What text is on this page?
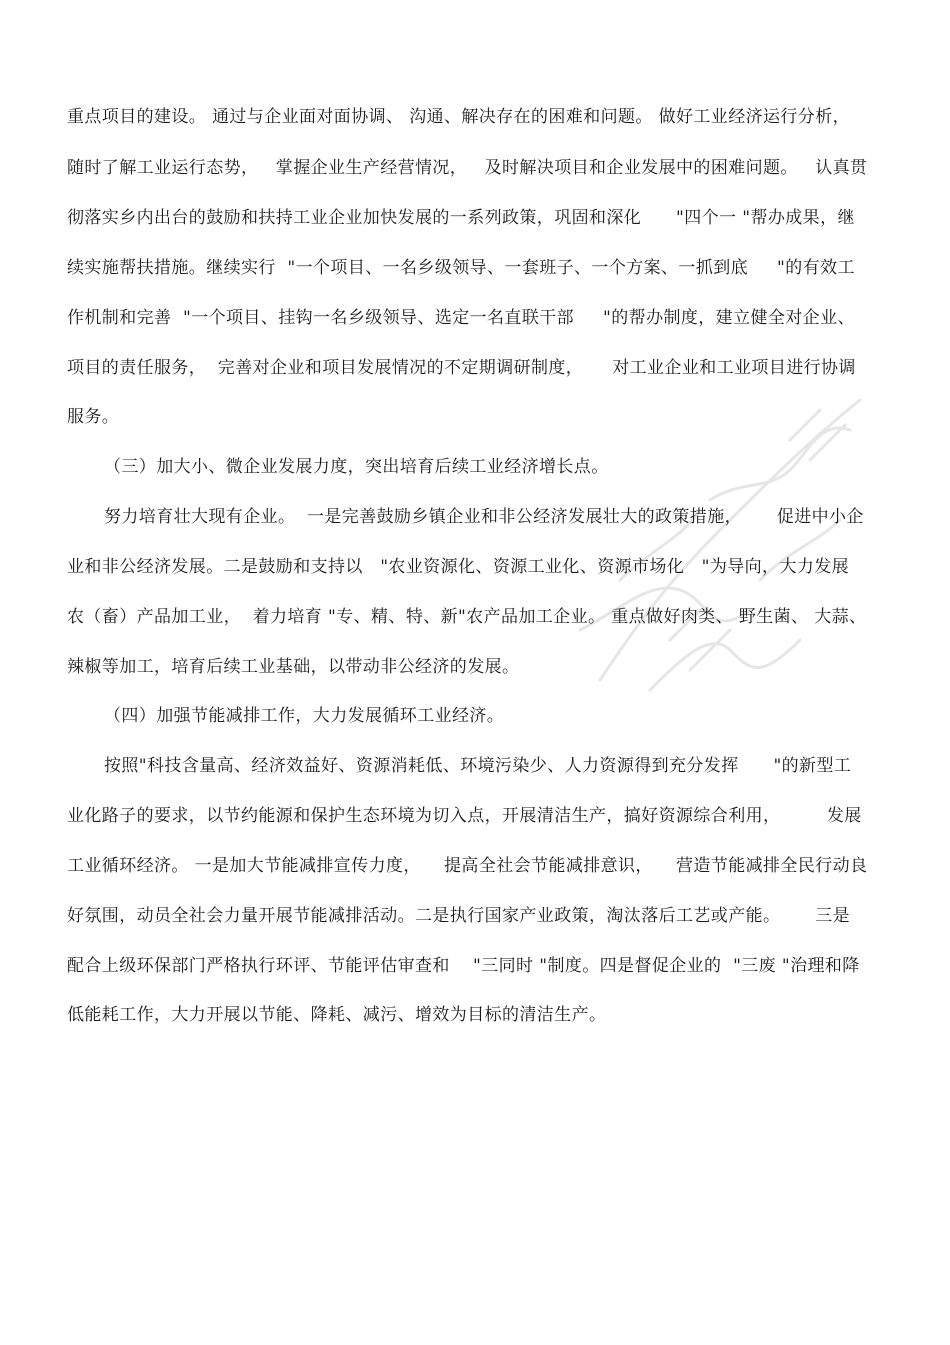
重点项目的建设。 通过与企业面对面协调、 沟通、解决存在的困难和问题。 做好工业经济运行分析，
随时了解工业运行态势，   掌握企业生产经营情况，   及时解决项目和企业发展中的困难问题。   认真贯
彻落实乡内出台的鼓励和扶持工业企业加快发展的一系列政策，巩固和深化      "四个一 "帮办成果，继
续实施帮扶措施。继续实行  "一个项目、一名乡级领导、一套班子、一个方案、一抓到底     "的有效工
作机制和完善  "一个项目、挂钩一名乡级领导、选定一名直联干部     "的帮办制度，建立健全对企业、
项目的责任服务，  完善对企业和项目发展情况的不定期调研制度，     对工业企业和工业项目进行协调
服务。
（三）加大小、微企业发展力度，突出培育后续工业经济增长点。
努力培育壮大现有企业。  一是完善鼓励乡镇企业和非公经济发展壮大的政策措施，      促进中小企
业和非公经济发展。二是鼓励和支持以   "农业资源化、资源工业化、资源市场化   "为导向，大力发展
农（畜）产品加工业，  着力培育 "专、精、特、新"农产品加工企业。 重点做好肉类、 野生菌、 大蒜、
辣椒等加工，培育后续工业基础，以带动非公经济的发展。
（四）加强节能减排工作，大力发展循环工业经济。
按照"科技含量高、经济效益好、资源消耗低、环境污染少、人力资源得到充分发挥      "的新型工
业化路子的要求，以节约能源和保护生态环境为切入点，开展清洁生产，搞好资源综合利用，        发展
工业循环经济。 一是加大节能减排宣传力度，    提高全社会节能减排意识，    营造节能减排全民行动良
好氛围，动员全社会力量开展节能减排活动。二是执行国家产业政策，淘汰落后工艺或产能。      三是
配合上级环保部门严格执行环评、节能评估审查和    "三同时 "制度。四是督促企业的  "三废 "治理和降
低能耗工作，大力开展以节能、降耗、减污、增效为目标的清洁生产。
